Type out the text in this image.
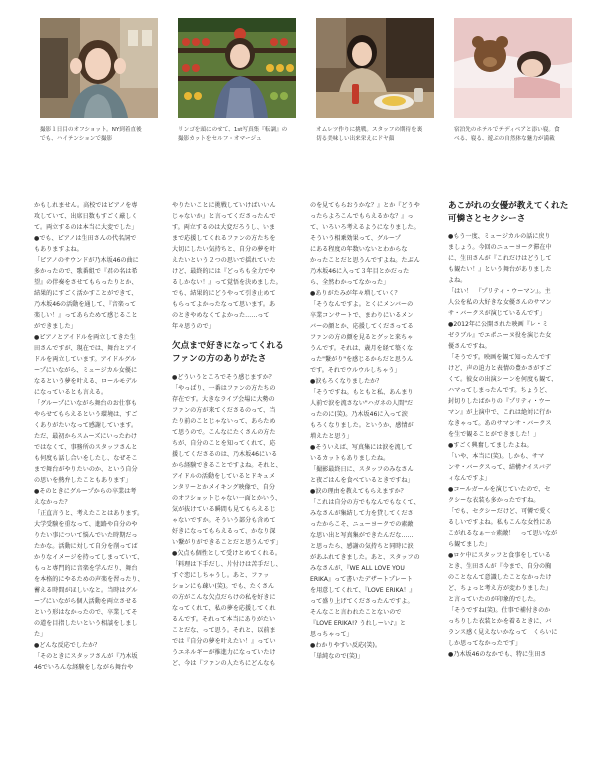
撮影１日目のオフショット。NY到着直後
でも、ハイテンションで撮影
リンゴを頭にのせて、1st写真集『転調』の
撮影カットをセルフ・オマージュ
オムレツ作りに挑戦。スタッフの期待を裏
切る美味しい出来栄えにドヤ顔
宿泊先のホテルでテディベアと添い寝。食
べる、寝る、遊ぶの自然体な魅力が満載
かもしれません。高校ではピアノを専
攻していて、出席日数もすごく厳しく
て。両立するのは本当に大変でした」
●でも、ピアノは生田さんの代名詞で
もありますよね。
「ピアノのサウンドが乃木坂46の曲に
多かったので、歌番組で『君の名は希
望』の伴奏をさせてもらったりとか、
結果的にすごく活かすことができて、
乃木坂46の活動を通して、『音楽って
楽しい！』ってあらためて感じること
ができました」
●ピアノとアイドルを両立してきた生
田さんですが、現在では、舞台とアイ
ドルを両立しています。アイドルグル
ープにいながら、ミュージカル女優に
なるという夢を叶える、ロールモデル
になっているとも言える。
「グループにいながら舞台のお仕事も
やらせてもらえるという環境は、すご
くありがたいなって感謝しています。
ただ、最初からスムーズにいったわけ
ではなくて、事務所のスタッフさんと
も何度も話し合いをしたし、なぜそこ
まで舞台がやりたいのか、という自分
の思いを熱弁したこともあります」
●そのときにグループからの卒業は考
えなかった？
「正直言うと、考えたことはあります。
大学受験を重なって、進路や自分のや
りたい事について悩んでいた時期だっ
たかな。活動に対して自分を削ってば
かりなイメージを持ってしまっていて、
もっと専門的に音楽を学んだり、舞台
を本格的にやるための声楽を習ったり、
蓄える時間がほしいなと。当時はグル
ープにいながら個人活動を両立させる
という形はなかったので、卒業してそ
の道を目指したいという相談をしまし
た」
●どんな反応でしたか？
「そのときにスタッフさんが『乃木坂
46でいろんな経験をしながら舞台や
やりたいことに挑戦していけばいいん
じゃないか』と言ってくださったんで
す。両立するのは大変だろうし、いま
まで応援してくれるファンの方たちを
大切にしたい気持ちと、自分の夢を叶
えたいという２つの思いで揺れていた
けど、最終的には『どっちも全力でや
るしかない！』って覚悟を決めました。
でも、結果的にどうやって引き止めて
もらってよかったなって思います。あ
のときやめなくてよかった……って
年々思うので」
欠点まで好きになってくれる
ファンの方のありがたさ
●どういうところでそう感じますか？
「やっぱり、一番はファンの方たちの
存在です。大きなライブ会場に大勢の
ファンの方が来てくださるのって、当
たり前のことじゃないって、あらため
て思うので。こんなにたくさんの方た
ちが、自分のことを知ってくれて、応
援してくださるのは、乃木坂46にいる
から経験できることですよね。それと、
アイドルの活動をしているとドキュメ
ンタリーとかメイキング映像で、自分
のオフショットじゃない一面とかいう、
気が抜けている瞬間も見てもらえるじ
ゃないですか。そういう部分も含めて
好きになってもらえるって、かなり深
い繋がりができることだと思うんです」
●欠点も個性として受けとめてくれる。
「料理は下手だし、片付けは苦手だし、
すぐ恋にしちゃうし。あと、ファッ
ションにも疎い(笑)。でも、たくさん
の方がこんな欠点だらけの私を好きに
なってくれて、私の夢を応援してくれ
るんです。それって本当にありがたい
ことだな、って思う。それと、以前ま
では『自分の夢を叶えたい！』ってい
うエネルギーが推進力になっていたけ
ど、今は『ファンの人たちにどんなも
のを見てもらおうかな？』とか『どうや
ったらよろこんでもらえるかな？』っ
て、いろいろ考えるようになりました。
そういう相乗効果って、グループ
にある程度の年数いないとわからな
かったことだと思うんですよね。たぶん
乃木坂46に入って３年目とかだった
ら、全然わかってなかった」
●ありがたみが年々増していく？
「そうなんですよ。とくにメンバーの
卒業コンサートで、まわりにいるメン
バーの顔とか、応援してくださってる
ファンの方の顔を見るとグッと来ちゃ
うんです。それは、歳月を経て築くな
った"繋がり"を感じるからだと思うん
です。それでウルウルしちゃう」
●涙もろくなりましたか？
「そうですね。もともと私、あんまり
人前で涙を流さない"ハガネの人間"だ
ったのに(笑)。乃木坂46に入って涙
もろくなりました。というか、感情が
増えたと思う」
●そういえば、写真集には涙を流して
いるカットもありましたね。
「撮影最終日に、スタッフのみなさん
と夜ごはんを食べているときですね」
●涙の理由を教えてもらえますか？
「これは自分の方でもなんでもなくて、
みなさんが集結して力を貸してくださ
ったからこそ、ニューヨークでの素敵
な思い出と写真集ができたんだな……
と思ったら、感謝の気持ちと同時に涙
があふれてきました。あと、スタッフの
みなさんが、『WE ALL LOVE YOU
ERIKA』って書いたデザートプレート
を用意してくれて、『LOVE ERIKA！』
って盛り上げてくださったんですよ。
そんなこと言われたことないので
『LOVE ERIKA!? うれしーい♪』と
思っちゃって」
●わかりやすい反応(笑)。
「単純なので(笑)」
あこがれの女優が教えてくれた
可憐さとセクシーさ
●もう一度、ミュージカルの話に戻り
ましょう。今回のニューヨーク滞在中
に、生田さんが『これだけはどうして
も観たい！』という舞台がありました
よね。
「はい！　『プリティ・ウーマン』。主
人公を私の大好きな女優さんのサマン
サ・バークスが演じているんです」
●2012年に公開された映画『レ・ミ
ゼラブル』でエポニーヌ役を演じた女
優さんですね。
「そうです。映画を観て知ったんです
けど、声の迫力と表情の豊かさがすご
くて。彼女の出演シーンを何度も観て、
ハマってしまったんです。ちょうど、
封切りしたばかりの『プリティ・ウー
マン』が上演中で、これは絶対に行か
なきゃって。あのサマンサ・バークス
を生で観ることができました！」
●すごく興奮してましたよね。
「いや、本当に(笑)。しかも、サマ
ンサ・バークスって、結構ナイスバデ
ィなんですよ」
●コールガールを演じていたので、セ
クシーな衣装も多かったですね。
「でも、セクシーだけど、可憐で愛く
るしいですよね。私もこんな女性にあ
こがれるなぁ～☆素敵！　って思いなが
ら観てました」
●ロケ中にスタッフと食事をしている
とき、生田さんが『今まで、自分の胸
のことなんて意識したことなかったけ
ど、ちょっと考え方が変わりました』
と言っていたのが印象的でした。
「そうですね(笑)。仕事で補付きのか
っちりした衣装とかを着るときに、バ
ランス感く見えないかなって　くらいに
しか思ってなかったです」
●乃木坂46のなかでも、特に生田さ
